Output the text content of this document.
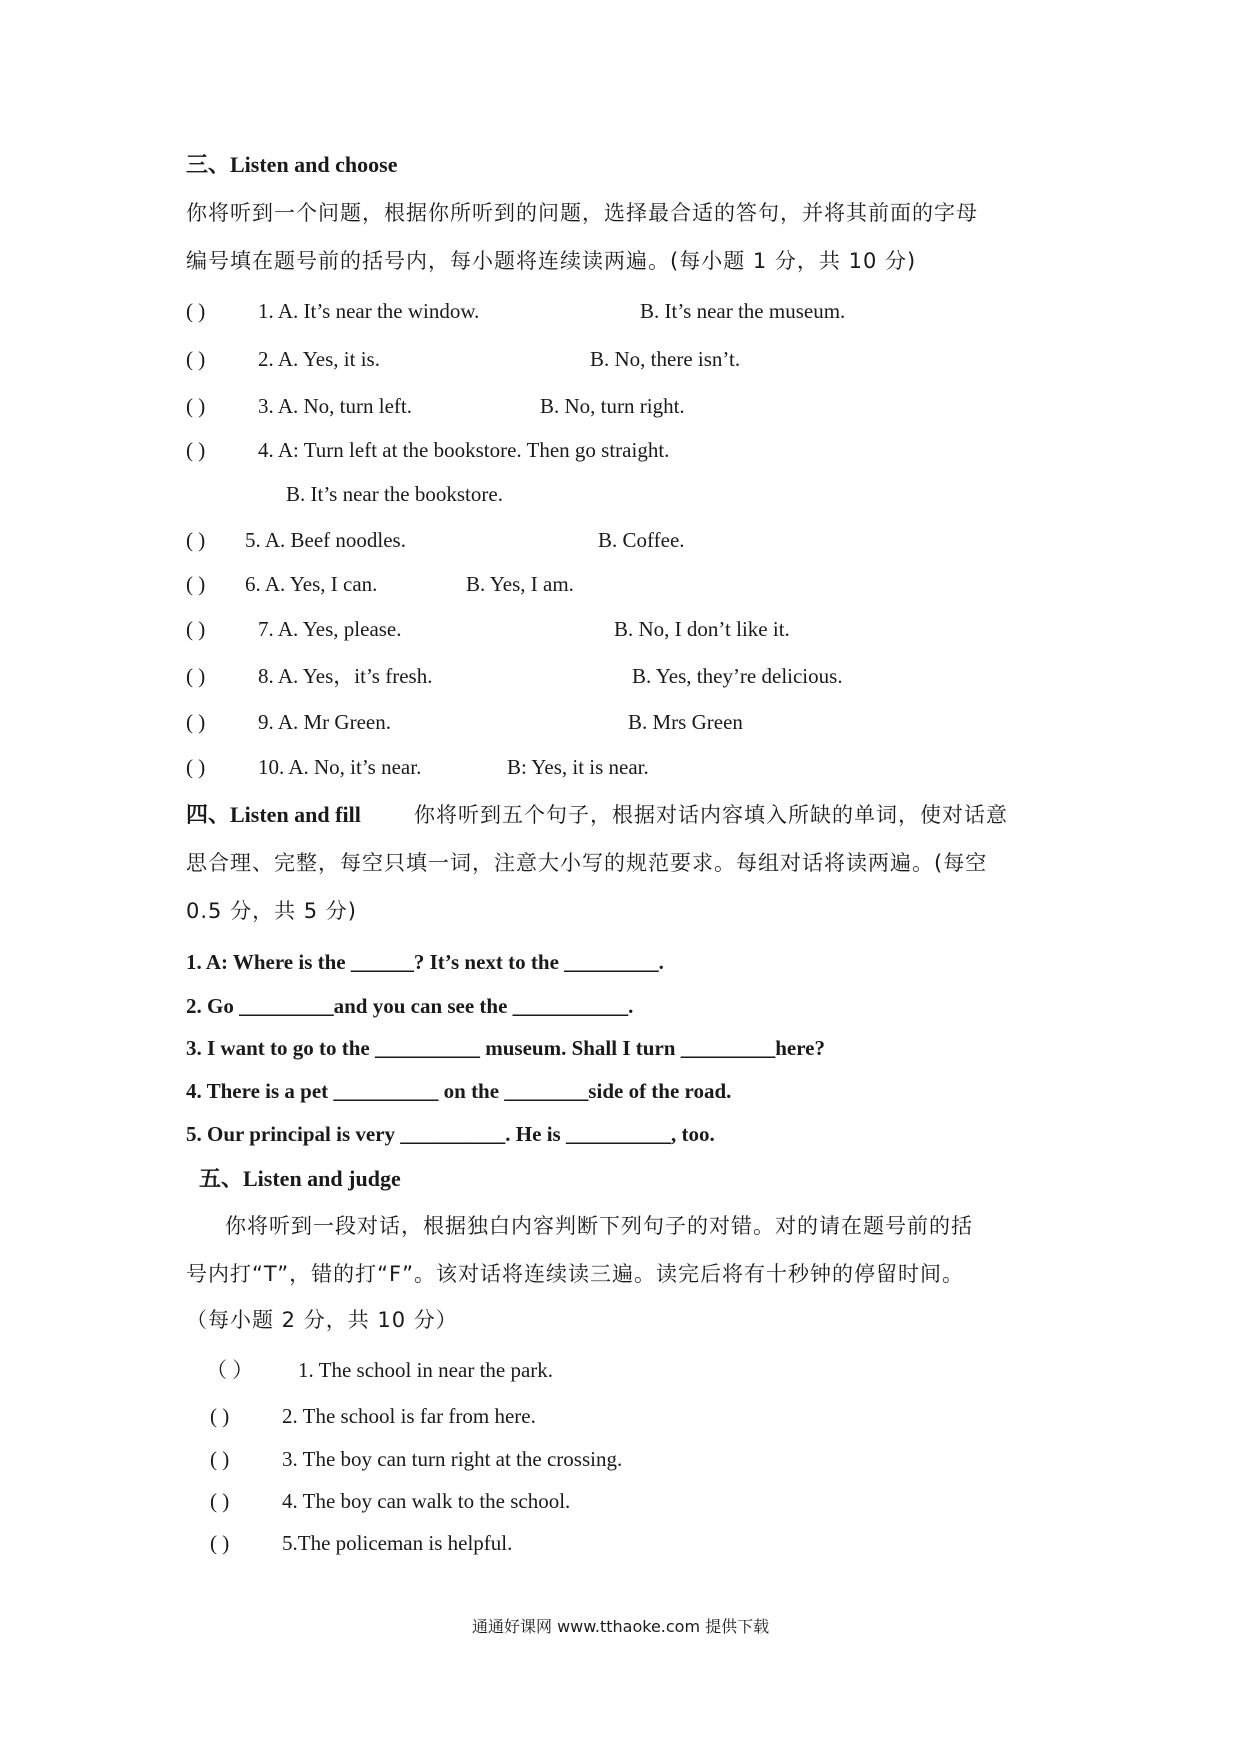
三、Listen and choose
你将听到一个问题，根据你所听到的问题，选择最合适的答句，并将其前面的字母
编号填在题号前的括号内，每小题将连续读两遍。(每小题 1 分，共 10 分)
( )	1. A. It’s near the window.	B. It’s near the museum.
( )	2. A. Yes, it is.	B. No, there isn’t.
( )	3. A. No, turn left.	B. No, turn right.
( )	4. A: Turn left at the bookstore. Then go straight.
B. It’s near the bookstore.
( ) 5. A. Beef noodles.	B. Coffee.
( ) 6. A. Yes, I can.	B. Yes, I am.
( )	7. A. Yes, please.	B. No, I don’t like it.
( )	8. A. Yes，it’s fresh.	B. Yes, they’re delicious.
( )	9. A. Mr Green.	B. Mrs Green
( )	10. A. No, it’s near.	B: Yes, it is near.
四、Listen and fill	你将听到五个句子，根据对话内容填入所缺的单词，使对话意
思合理、完整，每空只填一词，注意大小写的规范要求。每组对话将读两遍。(每空
0.5 分，共 5 分)
1. A: Where is the ______? It’s next to the _________.
2. Go _________and you can see the ___________.
3. I want to go to the __________ museum. Shall I turn _________here?
4. There is a pet __________ on the ________side of the road.
5. Our principal is very __________. He is __________, too.
五、Listen and judge
你将听到一段对话，根据独白内容判断下列句子的对错。对的请在题号前的括
号内打“T”，错的打“F”。该对话将连续读三遍。读完后将有十秒钟的停留时间。
（每小题 2 分，共 10 分）
（ ） 1. The school in near the park.
( )	2. The school is far from here.
( )	3. The boy can turn right at the crossing.
( )	4. The boy can walk to the school.
( )	5.The policeman is helpful.
通通好课网 www.tthaoke.com 提供下载
